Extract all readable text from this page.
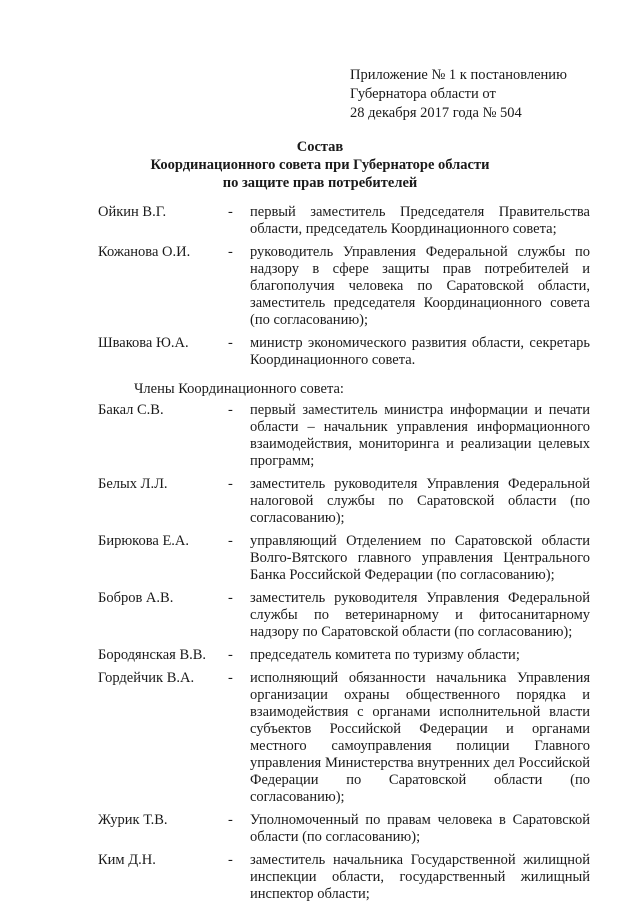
Приложение № 1 к постановлению
Губернатора области от
28 декабря 2017 года № 504
Состав
Координационного совета при Губернаторе области
по защите прав потребителей
Ойкин В.Г.	-	первый заместитель Председателя Правительства области, председатель Координационного совета;
Кожанова О.И.	-	руководитель Управления Федеральной службы по надзору в сфере защиты прав потребителей и благополучия человека по Саратовской области, заместитель председателя Координационного совета (по согласованию);
Швакова Ю.А.	-	министр экономического развития области, секретарь Координационного совета.
Члены Координационного совета:
Бакал С.В.	-	первый заместитель министра информации и печати области – начальник управления информационного взаимодействия, мониторинга и реализации целевых программ;
Белых Л.Л.	-	заместитель руководителя Управления Федеральной налоговой службы по Саратовской области (по согласованию);
Бирюкова Е.А.	-	управляющий Отделением по Саратовской области Волго-Вятского главного управления Центрального Банка Российской Федерации (по согласованию);
Бобров А.В.	-	заместитель руководителя Управления Федеральной службы по ветеринарному и фитосанитарному надзору по Саратовской области (по согласованию);
Бородянская В.В.	-	председатель комитета по туризму области;
Гордейчик В.А.	-	исполняющий обязанности начальника Управления организации охраны общественного порядка и взаимодействия с органами исполнительной власти субъектов Российской Федерации и органами местного самоуправления полиции Главного управления Министерства внутренних дел Российской Федерации по Саратовской области (по согласованию);
Журик Т.В.	-	Уполномоченный по правам человека в Саратовской области (по согласованию);
Ким Д.Н.	-	заместитель начальника Государственной жилищной инспекции области, государственный жилищный инспектор области;
